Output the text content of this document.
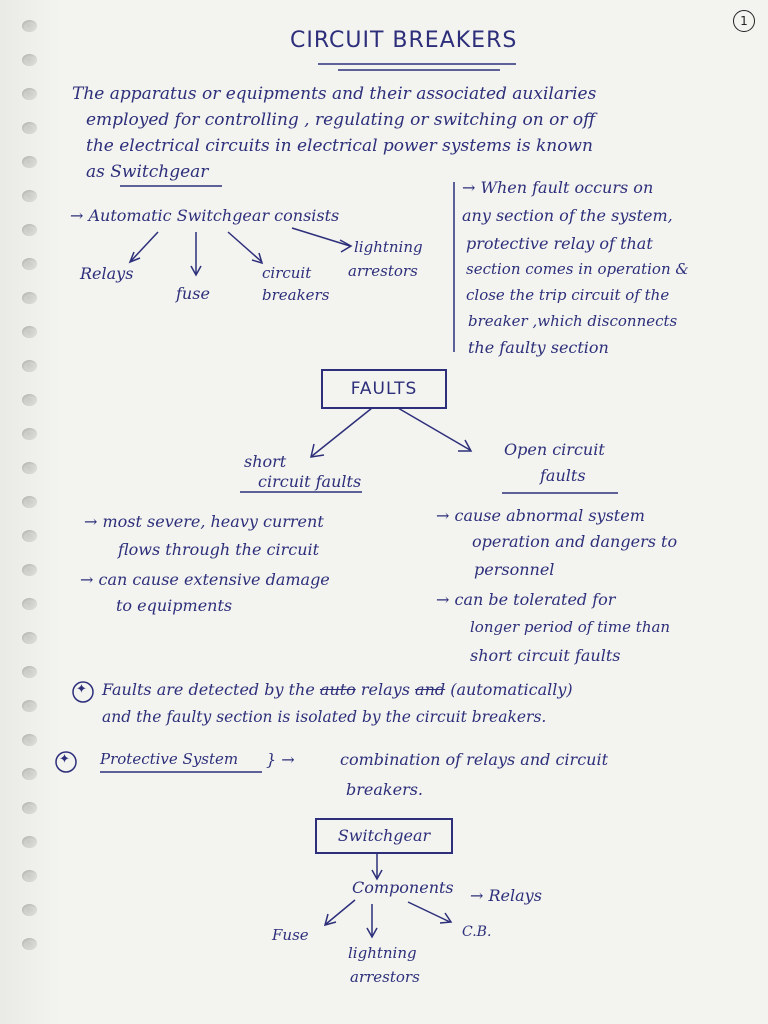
1
CIRCUIT BREAKERS
The apparatus or equipments and their associated auxilaries
employed for controlling , regulating or switching on or off
the electrical circuits in electrical power systems is known
as Switchgear
→ Automatic Switchgear consists
Relays
fuse
circuit
breakers
lightning
arrestors
→ When fault occurs on
any section of the system,
protective relay of that
section comes in operation &
close the trip circuit of the
breaker ,which disconnects
the faulty section
FAULTS
short
circuit faults
→ most severe, heavy current
flows through the circuit
→ can cause extensive damage
to equipments
Open circuit
faults
→ cause abnormal system
operation and dangers to
personnel
→ can be tolerated for
longer period of time than
short circuit faults
✦ Faults are detected by the auto relays and (automatically)
and the faulty section is isolated by the circuit breakers.
✦ Protective System } →	combination of relays and circuit
breakers.
Switchgear
Components → Relays
Fuse	C.B.
lightning
arrestors
